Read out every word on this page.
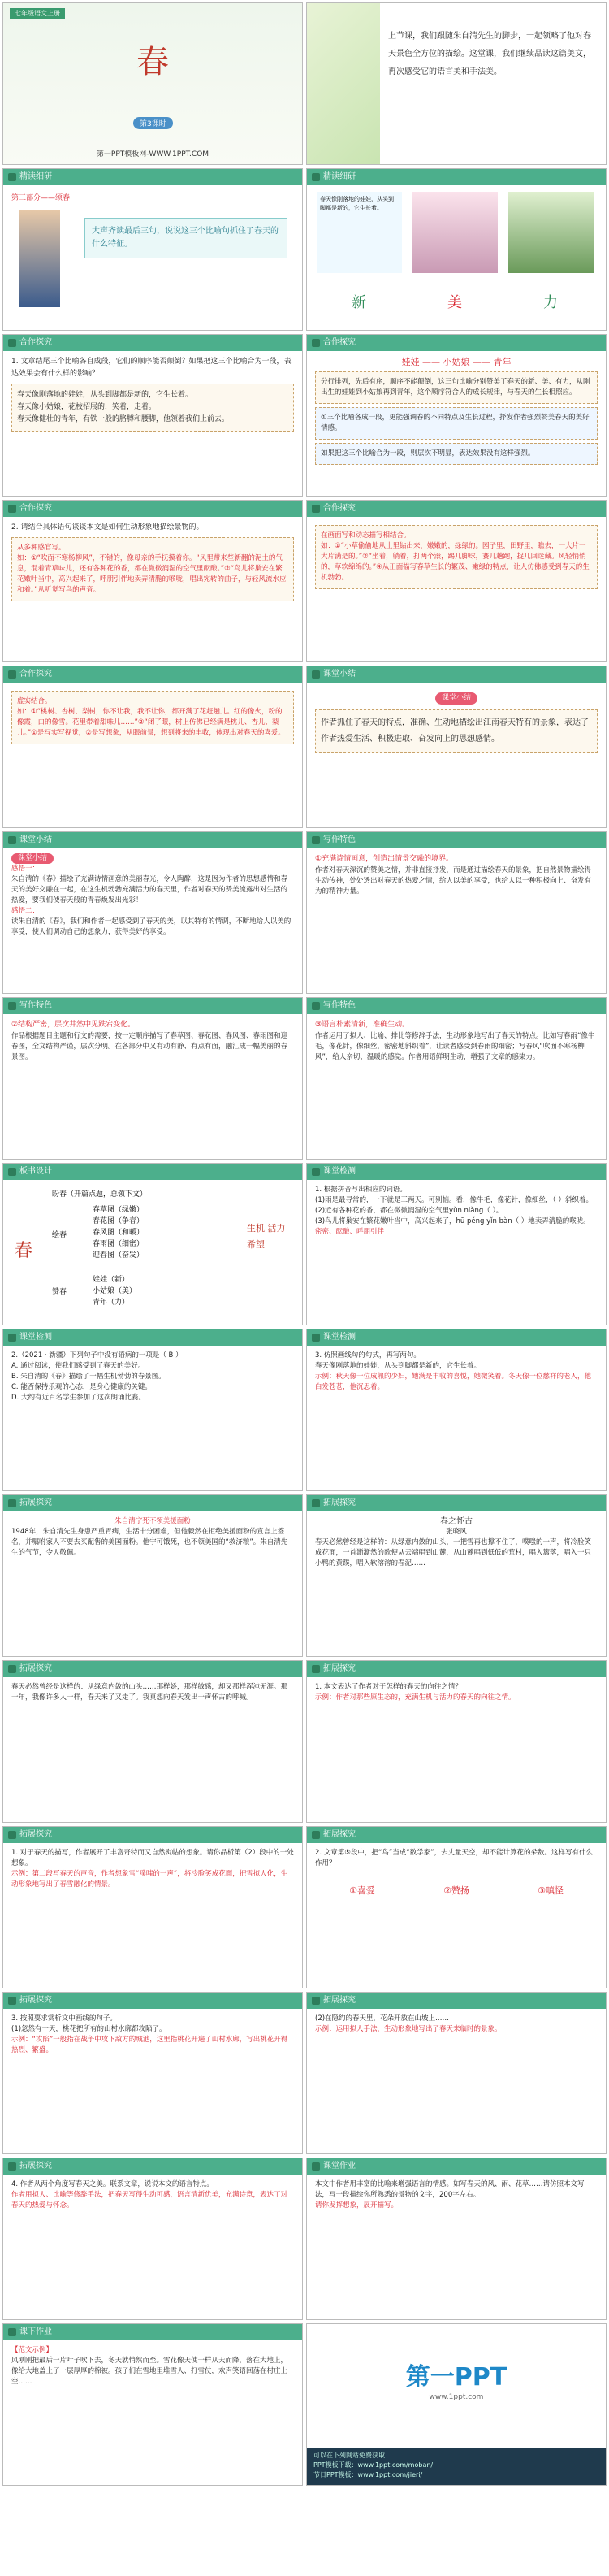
七年级语文上册
春
第3课时
第一PPT模板网-WWW.1PPT.COM
上节课，我们跟随朱自清先生的脚步，一起领略了他对春天景色全方位的描绘。这堂课，我们继续品读这篇美文，再次感受它的语言美和手法美。
精读细研
第三部分——颂春
大声齐读最后三句，说说这三个比喻句抓住了春天的什么特征。
精读细研
春天像刚落地的娃娃，从头到脚都是新的，它生长着。
新	美	力
合作探究
1. 文章结尾三个比喻各自成段，它们的顺序能否颠倒？如果把这三个比喻合为一段，表达效果会有什么样的影响？
春天像刚落地的娃娃，从头到脚都是新的，它生长着。
春天像小姑娘，花枝招展的，笑着，走着。
春天像健壮的青年，有铁一般的胳膊和腰脚，他领着我们上前去。
合作探究
娃娃 —— 小姑娘 —— 青年
分行排列，先后有序，顺序不能颠倒，这三句比喻分别赞美了春天的新、美、有力，从刚出生的娃娃到小姑娘再到青年，这个顺序符合人的成长规律，与春天的生长相照应。
①三个比喻各成一段，更能强调春的不同特点及生长过程，抒发作者强烈赞美春天的美好情感。
如果把这三个比喻合为一段，则层次不明显，表达效果没有这样强烈。
合作探究
2. 请结合具体语句谈谈本文是如何生动形象地描绘景物的。
从多种感官写。
如：①“吹面不寒杨柳风”，不错的，像母亲的手抚摸着你。“风里带来些新翻的泥土的气息，混着青草味儿，还有各种花的香，都在微微润湿的空气里酝酿。”②“鸟儿将巢安在繁花嫩叶当中，高兴起来了，呼朋引伴地卖弄清脆的喉咙，唱出宛转的曲子，与轻风流水应和着。”从听觉写鸟的声音。
合作探究
在画面写和动态描写相结合。
如：①“小草偷偷地从土里钻出来，嫩嫩的，绿绿的。园子里，田野里，瞧去，一大片一大片满是的。”②“坐着，躺着，打两个滚，踢几脚球，赛几趟跑，捉几回迷藏。风轻悄悄的，草软绵绵的。”④从正面描写春草生长的繁茂、嫩绿的特点，让人仿佛感受到春天的生机勃勃。
合作探究
虚实结合。
如：①“桃树、杏树、梨树，你不让我，我不让你，都开满了花赶趟儿。红的像火，粉的像霞，白的像雪。花里带着甜味儿……”②“闭了眼，树上仿佛已经满是桃儿、杏儿、梨儿。”①是写实写视觉，②是写想象，从眼前景，想到将来的丰收，体现出对春天的喜爱。
课堂小结
课堂小结
作者抓住了春天的特点，准确、生动地描绘出江南春天特有的景象，表达了作者热爱生活、积极进取、奋发向上的思想感情。
课堂小结
课堂小结
感悟一：
朱自清的《春》描绘了充满诗情画意的美丽春光，令人陶醉，这是因为作者的思想感情和春天的美好交融在一起，在这生机勃勃充满活力的春天里，作者对春天的赞美流露出对生活的热爱，要我们使春天般的青春焕发出光彩！
感悟二：
读朱自清的《春》，我们和作者一起感受到了春天的美，以其特有的情调，不断地给人以美的享受，使人们调动自己的想象力，获得美好的享受。
写作特色
①充满诗情画意，创造出情景交融的境界。
作者对春天深沉的赞美之情，并非直接抒发，而是通过描绘春天的景象，把自然景物描绘得生动传神，处处透出对春天的热爱之情，给人以美的享受，也给人以一种积极向上、奋发有为的精神力量。
写作特色
②结构严密，层次井然中见跌宕变化。
作品根据题目主题和行文的需要，按一定顺序描写了春草图、春花图、春风图、春雨图和迎春图，全文结构严谨，层次分明。在各部分中又有动有静、有点有面，融汇成一幅美丽的春景图。
写作特色
③语言朴素清新，准确生动。
作者运用了拟人、比喻、排比等修辞手法，生动形象地写出了春天的特点。比如写春雨“像牛毛，像花针，像细丝，密密地斜织着”，让读者感受到春雨的细密；写春风“吹面不寒杨柳风”，给人亲切、温暖的感觉。作者用语鲜明生动，增强了文章的感染力。
板书设计
春
盼春（开篇点题，总领下文）
绘春
春草图（绿嫩）
春花图（争春）
春风图（和暖）
春雨图（细密）
迎春图（奋发）
赞春
娃娃（新）
小姑娘（美）
青年（力）
生机 活力 希望
课堂检测
1. 根据拼音写出相应的词语。
(1)雨是最寻常的，一下就是三两天。可别恼。看，像牛毛，像花针，像细丝，（ ）斜织着。
(2)近有各种花的香，都在微微润湿的空气里yùn niàng（ ）。
(3)鸟儿将巢安在繁花嫩叶当中，高兴起来了，hū péng yǐn bàn（ ）地卖弄清脆的喉咙。
密密、酝酿、呼朋引伴
课堂检测
2.（2021 · 新疆）下列句子中没有语病的一项是（ B ）
A. 通过阅读，使我们感受到了春天的美好。
B. 朱自清的《春》描绘了一幅生机勃勃的春景图。
C. 能否保持乐观的心态，是身心健康的关键。
D. 大约有近百名学生参加了这次朗诵比赛。
课堂检测
3. 仿照画线句的句式，再写两句。
春天像刚落地的娃娃，从头到脚都是新的，它生长着。
示例：秋天像一位成熟的少妇，她满是丰收的喜悦，她微笑着。冬天像一位慈祥的老人，他白发苍苍，他沉思着。
拓展探究
朱自清宁死不领美援面粉
1948年，朱自清先生身患严重胃病，生活十分困难，但他毅然在拒绝美援面粉的宣言上签名，并嘱咐家人不要去买配售的美国面粉。他宁可饿死，也不领美国的“救济粮”。朱自清先生的气节，令人敬佩。
拓展探究
春之怀古
张晓风
春天必然曾经是这样的：从绿意内敛的山头，一把雪再也撑不住了，噗嗤的一声，将冷脸笑成花面，一首澌澌然的歌便从云端唱到山麓，从山麓唱到低低的荒村，唱入篱落，唱入一只小鸭的黄蹼，唱入软溶溶的春泥……
拓展探究
春天必然曾经是这样的：从绿意内敛的山头……那样娇，那样敏感，却又那样浑沌无涯。那一年，我像许多人一样，春天来了又走了。我真想向春天发出一声怀古的呼喊。
拓展探究
1. 本文表达了作者对于怎样的春天的向往之情？
示例：作者对那些原生态的，充满生机与活力的春天的向往之情。
拓展探究
1. 对于春天的描写，作者展开了丰富奇特而又自然熨帖的想象。请你品析第（2）段中的一处想象。
示例：第二段写春天的声音，作者想象雪“噗嗤的一声”，将冷脸笑成花面，把雪拟人化，生动形象地写出了春雪融化的情景。
拓展探究
2. 文章第⑤段中，把“鸟”当成“数学家”，去丈量天空，却不能计算花的朵数。这样写有什么作用？
①喜爱	②赞扬	③嗔怪
拓展探究
3. 按照要求赏析文中画线的句子。
(1)忽然有一天，桃花把所有的山村水廓都攻陷了。
示例：“攻陷”一般指在战争中攻下敌方的城池，这里指桃花开遍了山村水廓，写出桃花开得热烈、繁盛。
拓展探究
(2)在隐约的春天里，花朵开放在山坡上……
示例：运用拟人手法，生动形象地写出了春天来临时的景象。
拓展探究
4. 作者从两个角度写春天之美。联系文章，说说本文的语言特点。
作者用拟人、比喻等修辞手法，把春天写得生动可感，语言清新优美，充满诗意，表达了对春天的热爱与怀念。
课堂作业
本文中作者用丰富的比喻来增强语言的情感。如写春天的风、雨、花草……请仿照本文写法，写一段描绘你所熟悉的景物的文字，200字左右。
请你发挥想象，展开描写。
课下作业
【范文示例】
风刚刚把最后一片叶子吹下去，冬天就悄然而至。雪花像天使一样从天而降，落在大地上，像给大地盖上了一层厚厚的棉被。孩子们在雪地里堆雪人、打雪仗，欢声笑语回荡在村庄上空……	第一PPT
www.1ppt.com
可以在下列网站免费获取
PPT模板下载：www.1ppt.com/moban/
节日PPT模板：www.1ppt.com/jieri/
